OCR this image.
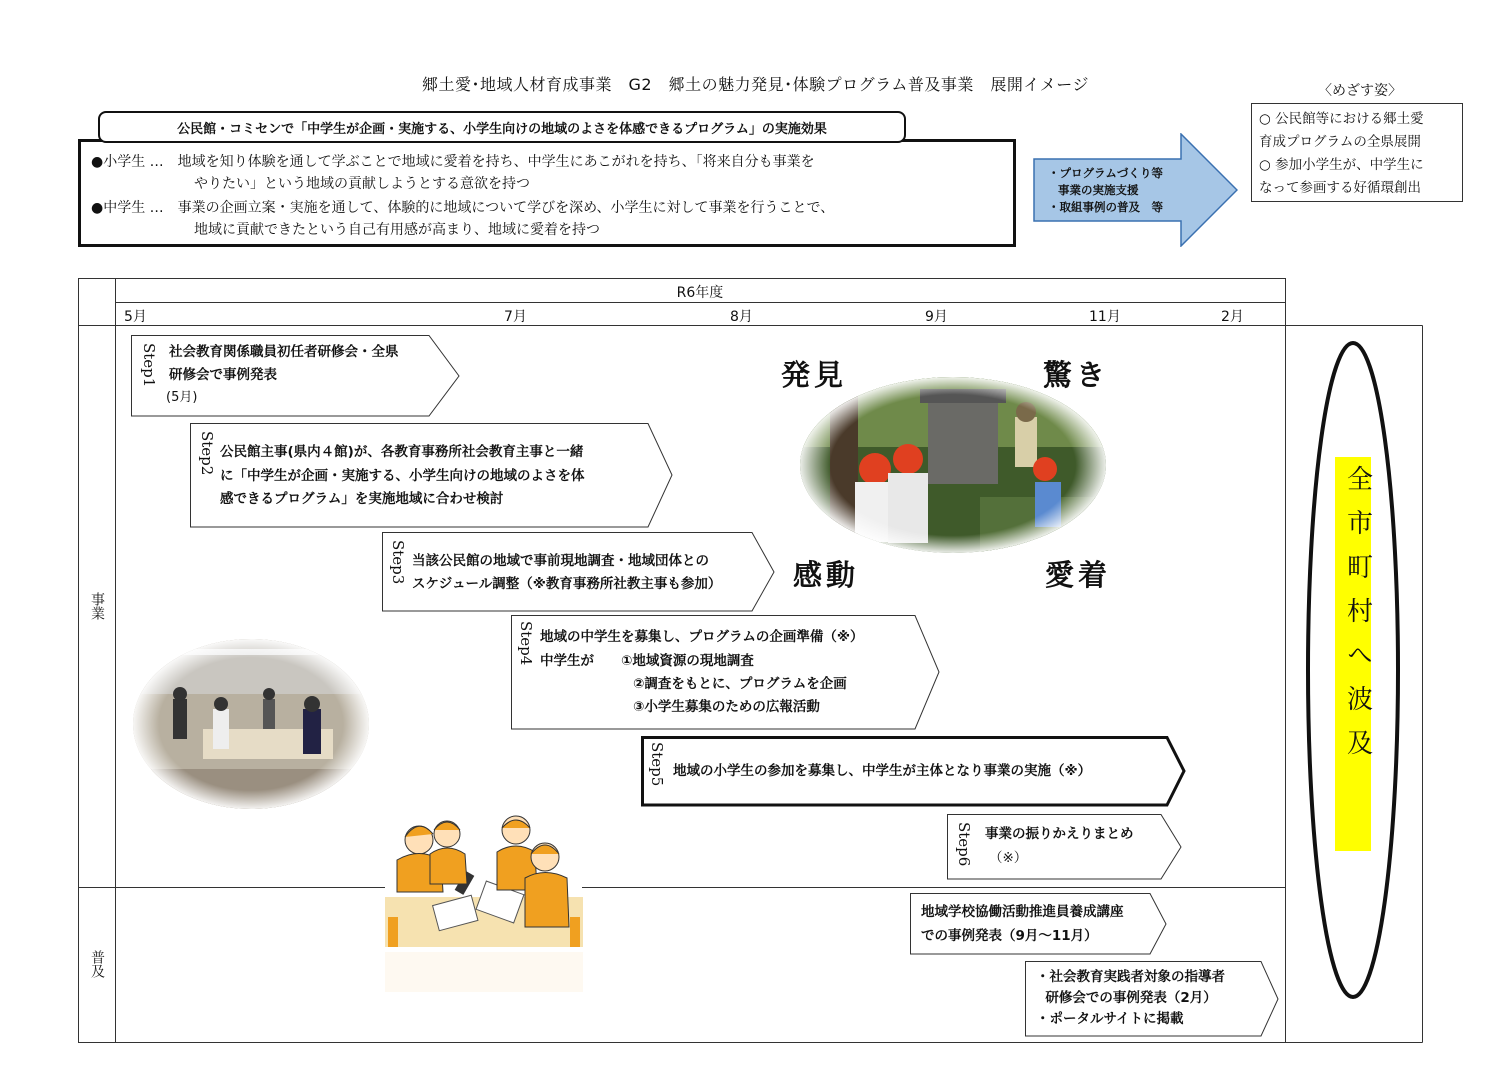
郷土愛･地域人材育成事業　G2　郷土の魅力発見･体験プログラム普及事業　展開イメージ	〈めざす姿〉
○ 公民館等における郷土愛
育成プログラムの全県展開
○ 参加小学生が、中学生に
なって参画する好循環創出
●小学生 …　地域を知り体験を通して学ぶことで地域に愛着を持ち、中学生にあこがれを持ち、「将来自分も事業を
やりたい」という地域の貢献しようとする意欲を持つ
●中学生 …　事業の企画立案・実施を通して、体験的に地域について学びを深め、小学生に対して事業を行うことで、
地域に貢献できたという自己有用感が高まり、地域に愛着を持つ
公民館・コミセンで「中学生が企画・実施する、小学生向けの地域のよさを体感できるプログラム」の実施効果
・プログラムづくり等
事業の実施支援
・取組事例の普及　等
R6年度
5月	7月	8月	9月	11月	2月
事業
普及
Step1 社会教育関係職員初任者研修会・全県
研修会で事例発表
(5月)
Step2 公民館主事(県内４館)が、各教育事務所社会教育主事と一緒
に「中学生が企画・実施する、小学生向けの地域のよさを体
感できるプログラム」を実施地域に合わせ検討
Step3 当該公民館の地域で事前現地調査・地域団体との
スケジュール調整（※教育事務所社教主事も参加）
Step4 地域の中学生を募集し、プログラムの企画準備（※）
中学生が　　①地域資源の現地調査
②調査をもとに、プログラムを企画
③小学生募集のための広報活動
Step5 地域の小学生の参加を募集し、中学生が主体となり事業の実施（※）
Step6 事業の振りかえりまとめ
（※）
地域学校協働活動推進員養成講座
での事例発表（9月～11月）
・社会教育実践者対象の指導者
研修会での事例発表（2月）
・ポータルサイトに掲載
発見	驚き
感動	愛着	全市町村へ波及
